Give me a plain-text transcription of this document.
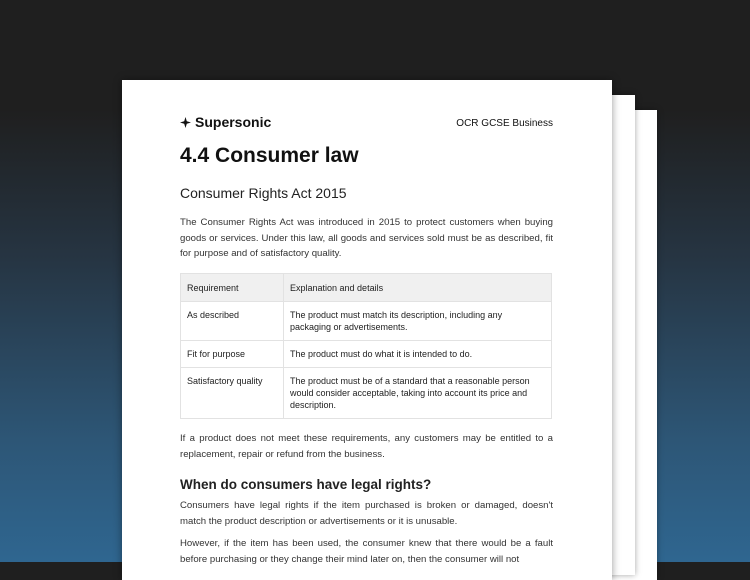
Supersonic	OCR GCSE Business
4.4 Consumer law
Consumer Rights Act 2015

The Consumer Rights Act was introduced in 2015 to protect customers when buying goods or services. Under this law, all goods and services sold must be as described, fit for purpose and of satisfactory quality.

Requirement	Explanation and details
As described	The product must match its description, including any packaging or advertisements.
Fit for purpose	The product must do what it is intended to do.
Satisfactory quality	The product must be of a standard that a reasonable person would consider acceptable, taking into account its price and description.

If a product does not meet these requirements, any customers may be entitled to a replacement, repair or refund from the business.

When do consumers have legal rights?

Consumers have legal rights if the item purchased is broken or damaged, doesn't match the product description or advertisements or it is unusable.

However, if the item has been used, the consumer knew that there would be a fault before purchasing or they change their mind later on, then the consumer will not
